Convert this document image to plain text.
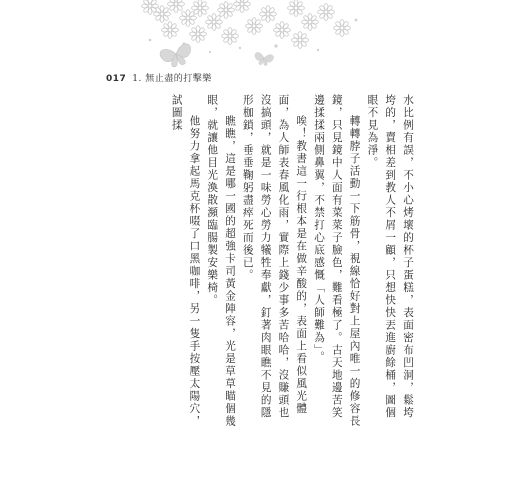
017 1. 無止盡的打擊樂

水比例有誤，不小心烤壞的杯子蛋糕，表面密布凹洞，鬆垮垮的，賣相差到教人不屑一顧，只想快快丟進廚餘桶，圖個眼不見為淨。

轉轉脖子活動一下筋骨，視線恰好對上屋內唯一的修容長鏡，只見鏡中人面有菜菜子臉色，難看極了。古天地邊苦笑邊揉揉兩側鼻翼，不禁打心底感慨「人師難為」。

唉！教書這一行根本是在做辛酸的，表面上看似風光體面，為人師表春風化雨，實際上錢少事多苦哈哈，沒賺頭也沒搞頭，就是一味勞心勞力犧牲奉獻，釘著肉眼瞧不見的隱形枷鎖，垂垂鞠躬盡瘁死而後已。

瞧瞧，這是哪一國的超強卡司黃金陣容，光是草草瞄個幾眼，就讓他目光渙散瀕臨腸製安樂椅。

他努力拿起馬克杯啜了口黑咖啡，另一隻手按壓太陽穴，試圖揉
